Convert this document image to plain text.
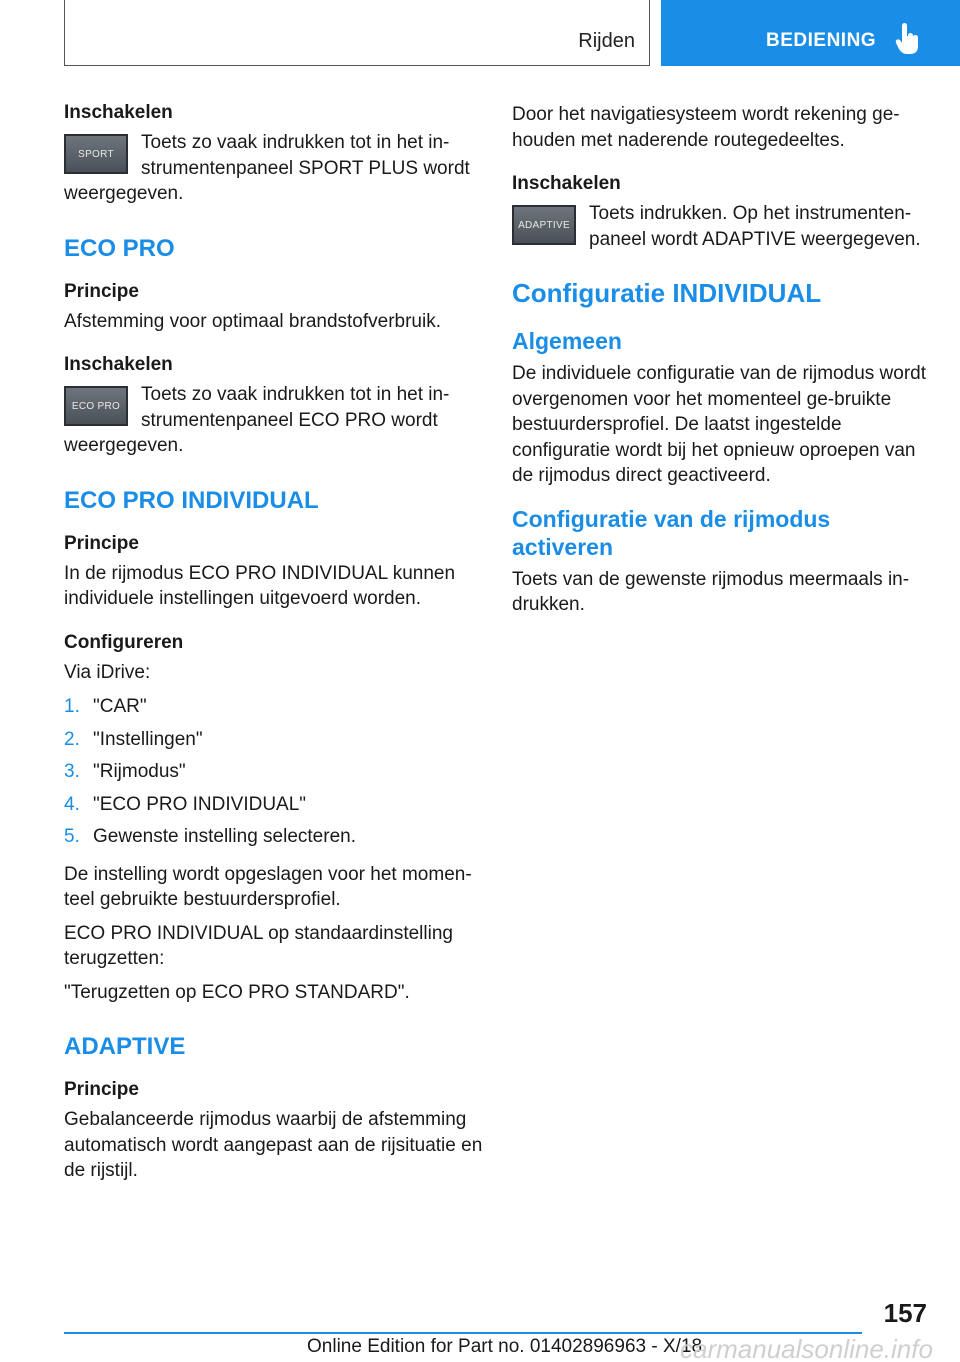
Rijden	BEDIENING
Inschakelen
SPORT
Toets zo vaak indrukken tot in het in-strumentenpaneel SPORT PLUS wordt
weergegeven.
ECO PRO
Principe
Afstemming voor optimaal brandstofverbruik.
Inschakelen
ECO PRO
Toets zo vaak indrukken tot in het in-strumentenpaneel ECO PRO wordt
weergegeven.
ECO PRO INDIVIDUAL
Principe
In de rijmodus ECO PRO INDIVIDUAL kunnen individuele instellingen uitgevoerd worden.
Configureren
Via iDrive:
1. "CAR"
2. "Instellingen"
3. "Rijmodus"
4. "ECO PRO INDIVIDUAL"
5. Gewenste instelling selecteren.
De instelling wordt opgeslagen voor het momen-teel gebruikte bestuurdersprofiel.
ECO PRO INDIVIDUAL op standaardinstelling terugzetten:
"Terugzetten op ECO PRO STANDARD".
ADAPTIVE
Principe
Gebalanceerde rijmodus waarbij de afstemming automatisch wordt aangepast aan de rijsituatie en de rijstijl.
Door het navigatiesysteem wordt rekening ge-houden met naderende routegedeeltes.
Inschakelen
ADAPTIVE
Toets indrukken. Op het instrumenten-paneel wordt ADAPTIVE weergegeven.
Configuratie INDIVIDUAL
Algemeen
De individuele configuratie van de rijmodus wordt overgenomen voor het momenteel ge-bruikte bestuurdersprofiel. De laatst ingestelde configuratie wordt bij het opnieuw oproepen van de rijmodus direct geactiveerd.
Configuratie van de rijmodus activeren
Toets van de gewenste rijmodus meermaals in-drukken.
157
Online Edition for Part no. 01402896963 - X/18
carmanualsonline.info
